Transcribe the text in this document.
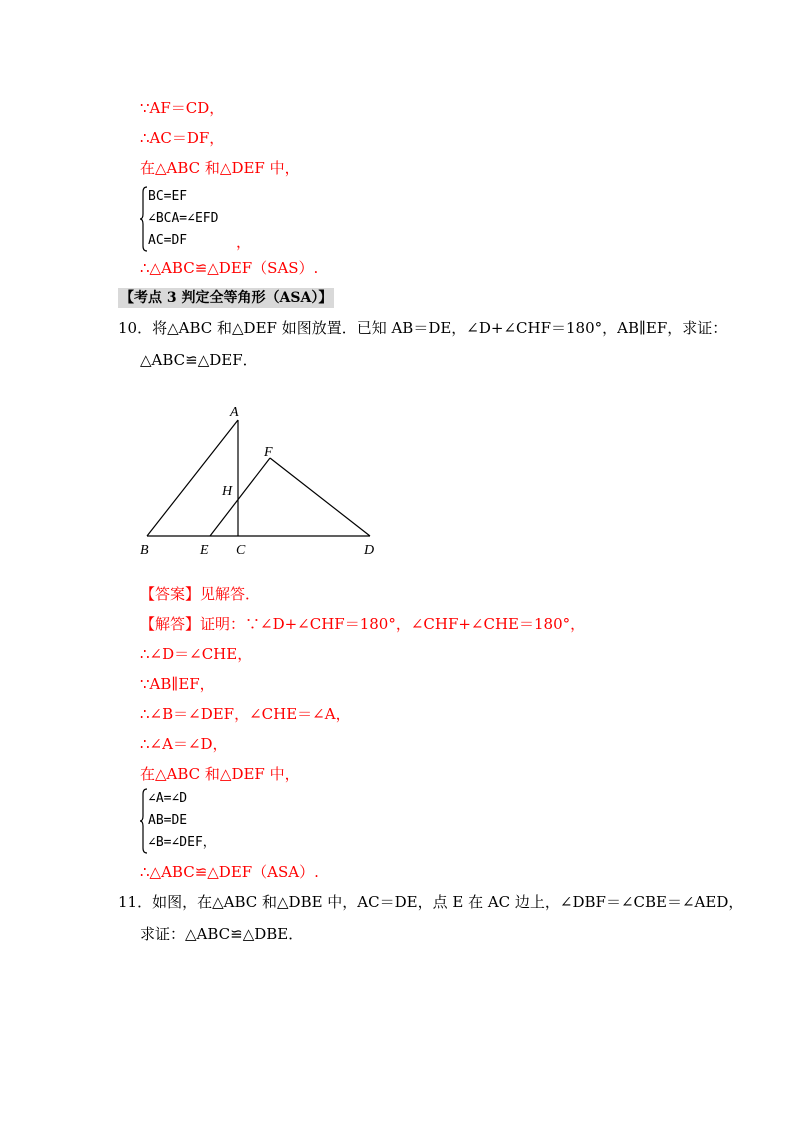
∵AF＝CD，
∴AC＝DF，
在△ABC 和△DEF 中，
BC=EF
∠BCA=∠EFD
AC=DF	，
∴△ABC≌△DEF（SAS）.
【考点 3 判定全等角形（ASA）】
10．将△ABC 和△DEF 如图放置．已知 AB＝DE，∠D+∠CHF＝180°，AB∥EF，求证：
△ABC≌△DEF．
A
B	C	D
E
F
H
【答案】见解答．
【解答】证明：∵∠D+∠CHF＝180°，∠CHF+∠CHE＝180°，
∴∠D＝∠CHE，
∵AB∥EF，
∴∠B＝∠DEF，∠CHE＝∠A，
∴∠A＝∠D，
在△ABC 和△DEF 中，
∠A=∠D
AB=DE
∠B=∠DEF，
∴△ABC≌△DEF（ASA）.
11．如图，在△ABC 和△DBE 中，AC＝DE，点 E 在 AC 边上，∠DBF＝∠CBE＝∠AED，
求证：△ABC≌△DBE．
